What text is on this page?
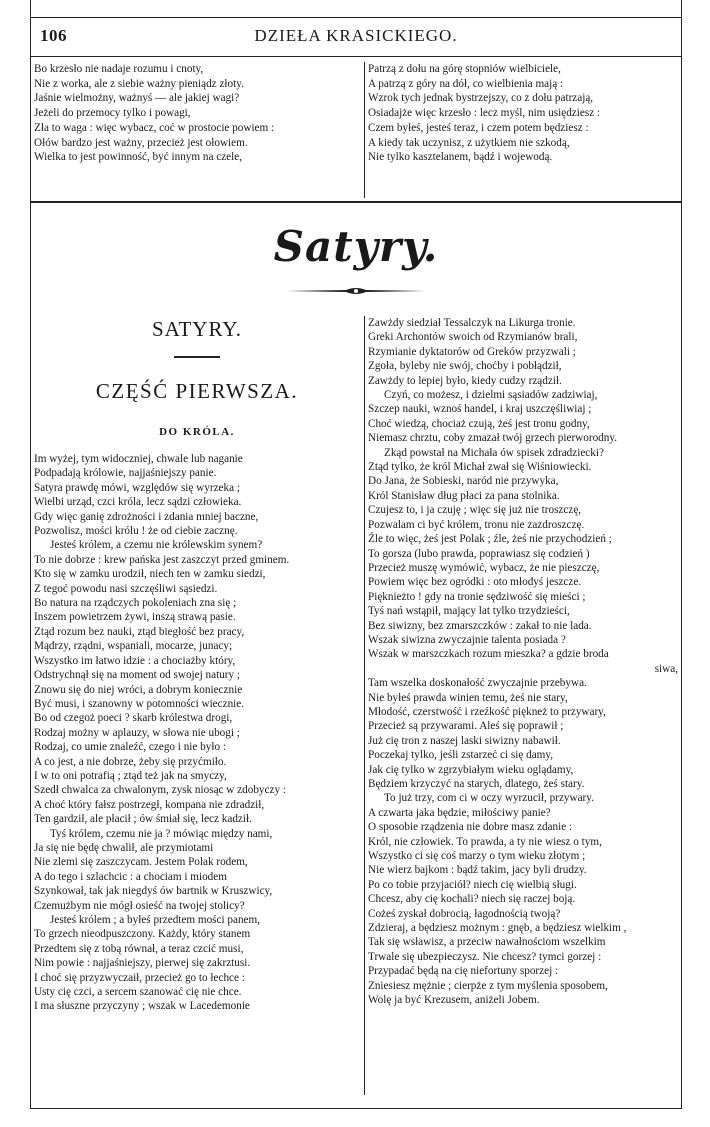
106	DZIEŁA KRASICKIEGO.
Bo krzesło nie nadaje rozumu i cnoty,
Nie z worka, ale z siebie ważny pieniądz złoty.
Jaśnie wielmożny, ważnyś — ale jakiej wagi?
Jeżeli do przemocy tylko i powagi,
Zła to waga : więc wybacz, coć w prostocie powiem :
Ołów bardzo jest ważny, przecież jest ołowiem.
Wielka to jest powinność, być innym na czele,
Patrzą z dołu na górę stopniów wielbiciele,
A patrzą z góry na dół, co wielbienia mają :
Wzrok tych jednak bystrzejszy, co z dołu patrzają,
Osiadajże więc krzesło : lecz myśl, nim usiędziesz :
Czem byłeś, jesteś teraz, i czem potem będziesz :
A kiedy tak uczynisz, z użytkiem nie szkodą,
Nie tylko kasztelanem, bądź i wojewodą.
Satyry.
SATYRY.
CZĘŚĆ PIERWSZA.
DO KRÓLA.
Im wyżej, tym widoczniej, chwale lub naganie
Podpadają królowie, najjaśniejszy panie.
Satyra prawdę mówi, względów się wyrzeka ;
Wielbi urząd, czci króla, lecz sądzi człowieka.
Gdy więc ganię zdrożności i zdania mniej baczne,
Pozwolisz, mości królu ! że od ciebie zacznę.
Jesteś królem, a czemu nie królewskim synem?
To nie dobrze : krew pańska jest zaszczyt przed gminem.
Kto się w zamku urodził, niech ten w zamku siedzi,
Z tegoć powodu nasi szczęśliwi sąsiedzi.
Bo natura na rządczych pokoleniach zna się ;
Inszem powietrzem żywi, inszą strawą pasie.
Ztąd rozum bez nauki, ztąd biegłość bez pracy,
Mądrzy, rządni, wspaniali, mocarze, junacy;
Wszystko im łatwo idzie : a chociażby który,
Odstrychnął się na moment od swojej natury ;
Znowu się do niej wróci, a dobrym koniecznie
Być musi, i szanowny w potomności wiecznie.
Bo od czegoż poeci ? skarb królestwa drogi,
Rodzaj możny w aplauzy, w słowa nie ubogi ;
Rodzaj, co umie znaleźć, czego i nie było :
A co jest, a nie dobrze, żeby się przyćmiło.
I w to oni potrafią ; ztąd też jak na smyczy,
Szedł chwalca za chwalonym, zysk niosąc w zdobyczy :
A choć który fałsz postrzegł, kompana nie zdradził,
Ten gardził, ale płacił ; ów śmiał się, lecz kadził.
Tyś królem, czemu nie ja ? mówiąc między nami,
Ja się nie będę chwalił, ale przymiotami
Nie zlemi się zaszczycam. Jestem Polak rodem,
A do tego i szlachcic : a chociam i miodem
Szynkował, tak jak niegdyś ów bartnik w Kruszwicy,
Czemużbym nie mógł osieść na twojej stolicy?
Jesteś królem ; a byłeś przedtem mości panem,
To grzech nieodpuszczony. Każdy, który stanem
Przedtem się z tobą równał, a teraz czcić musi,
Nim powie : najjaśniejszy, pierwej się zakrztusi.
I choć się przyzwyczaił, przecież go to łechce :
Usty cię czci, a sercem szanować cię nie chce.
I ma słuszne przyczyny ; wszak w Lacedemonie
Zawżdy siedział Tessalczyk na Likurga tronie.
Greki Archontów swoich od Rzymianów brali,
Rzymianie dyktatorów od Greków przyzwali ;
Zgoła, byleby nie swój, choćby i pobłądził,
Zawżdy to lepiej było, kiedy cudzy rządził.
Czyń, co możesz, i dzielmi sąsiadów zadziwiaj,
Szczep nauki, wznoś handel, i kraj uszczęśliwiaj ;
Choć wiedzą, chociaż czują, żeś jest tronu godny,
Niemasz chrztu, coby zmazał twój grzech pierworodny.
Zkąd powstał na Michała ów spisek zdradziecki?
Ztąd tylko, że król Michał zwał się Wiśniowiecki.
Do Jana, że Sobieski, naród nie przywyka,
Król Stanisław dług płaci za pana stolnika.
Czujesz to, i ja czuję ; więc się już nie troszczę,
Pozwalam ci być królem, tronu nie zazdroszczę.
Źle to więc, żeś jest Polak ; źle, żeś nie przychodzień ;
To gorsza (lubo prawda, poprawiasz się codzień )
Przecież muszę wymówić, wybacz, że nie pieszczę,
Powiem więc bez ogródki : oto młodyś jeszcze.
Pięknieżto ! gdy na tronie sędziwość się mieści ;
Tyś nań wstąpił, mający lat tylko trzydzieści,
Bez siwizny, bez zmarszczków : zakał to nie lada.
Wszak siwizna zwyczajnie talenta posiada ?
Wszak w marszczkach rozum mieszka? a gdzie broda
siwa,
Tam wszelka doskonałość zwyczajnie przebywa.
Nie byłeś prawda winien temu, żeś nie stary,
Młodość, czerstwość i rzeźkość piękneż to przywary,
Przecież są przywarami. Aleś się poprawił ;
Już cię tron z naszej laski siwizny nabawił.
Poczekaj tylko, jeśli zstarzeć ci się damy,
Jak cię tylko w zgrzybiałym wieku oglądamy,
Będziem krzyczyć na starych, dlatego, żeś stary.
To już trzy, com ci w oczy wyrzucił, przywary.
A czwarta jaka będzie, miłościwy panie?
O sposobie rządzenia nie dobre masz zdanie :
Król, nie człowiek. To prawda, a ty nie wiesz o tym,
Wszystko ci się coś marzy o tym wieku złotym ;
Nie wierz bajkom : bądź takim, jacy byli drudzy.
Po co tobie przyjaciół? niech cię wielbią sługi.
Chcesz, aby cię kochali? niech się raczej boją.
Cożeś zyskał dobrocią, łagodnością twoją?
Zdzieraj, a będziesz możnym : gnęb, a będziesz wielkim ,
Tak się wsławisz, a przeciw nawałnościom wszelkim
Trwale się ubezpieczysz. Nie chcesz? tymci gorzej :
Przypadać będą na cię niefortuny sporzej :
Zniesiesz mężnie ; cierpże z tym myślenia sposobem,
Wolę ja być Krezusem, aniżeli Jobem.
